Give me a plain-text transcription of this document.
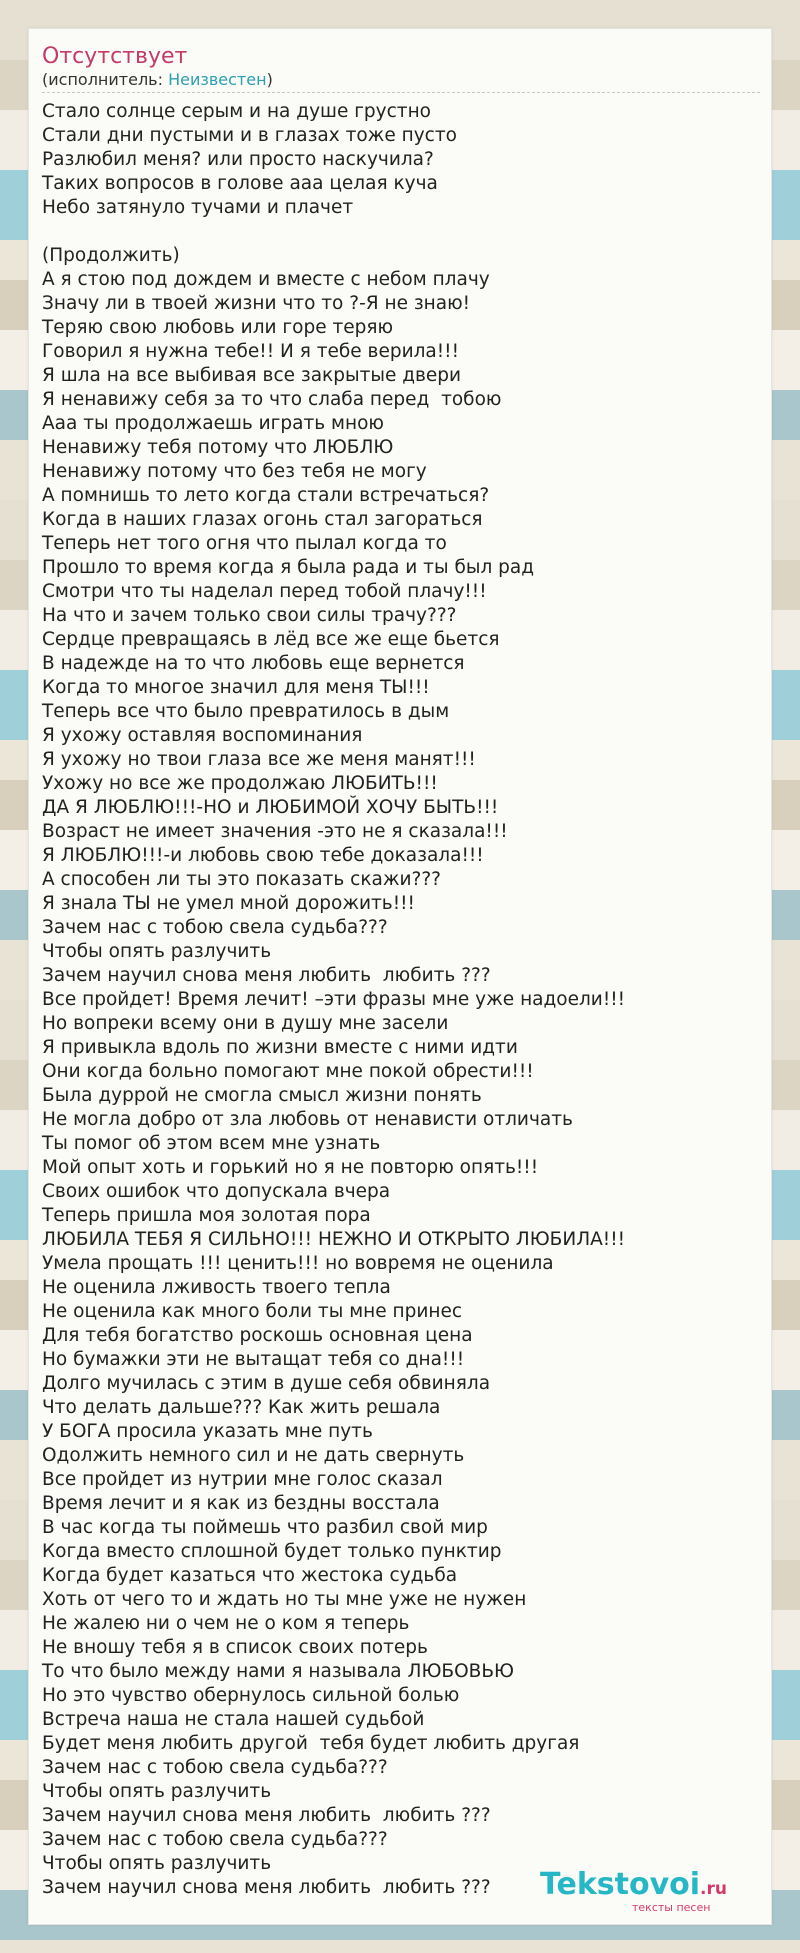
Отсутствует
(исполнитель: Неизвестен)
Стало солнце серым и на душе грустно
Стали дни пустыми и в глазах тоже пусто
Разлюбил меня? или просто наскучила?
Таких вопросов в голове ааа целая куча
Небо затянуло тучами и плачет
(Продолжить)
А я стою под дождем и вместе с небом плачу
Значу ли в твоей жизни что то ?-Я не знаю!
Теряю свою любовь или горе теряю
Говорил я нужна тебе!! И я тебе верила!!!
Я шла на все выбивая все закрытые двери
Я ненавижу себя за то что слаба перед  тобою
Ааа ты продолжаешь играть мною
Ненавижу тебя потому что ЛЮБЛЮ
Ненавижу потому что без тебя не могу
А помнишь то лето когда стали встречаться?
Когда в наших глазах огонь стал загораться
Теперь нет того огня что пылал когда то
Прошло то время когда я была рада и ты был рад
Смотри что ты наделал перед тобой плачу!!!
На что и зачем только свои силы трачу???
Сердце превращаясь в лёд все же еще бьется
В надежде на то что любовь еще вернется
Когда то многое значил для меня ТЫ!!!
Теперь все что было превратилось в дым
Я ухожу оставляя воспоминания
Я ухожу но твои глаза все же меня манят!!!
Ухожу но все же продолжаю ЛЮБИТЬ!!!
ДА Я ЛЮБЛЮ!!!-НО и ЛЮБИМОЙ ХОЧУ БЫТЬ!!!
Возраст не имеет значения -это не я сказала!!!
Я ЛЮБЛЮ!!!-и любовь свою тебе доказала!!!
А способен ли ты это показать скажи???
Я знала ТЫ не умел мной дорожить!!!
Зачем нас с тобою свела судьба???
Чтобы опять разлучить
Зачем научил снова меня любить  любить ???
Все пройдет! Время лечит! –эти фразы мне уже надоели!!!
Но вопреки всему они в душу мне засели
Я привыкла вдоль по жизни вместе с ними идти
Они когда больно помогают мне покой обрести!!!
Была дуррой не смогла смысл жизни понять
Не могла добро от зла любовь от ненависти отличать
Ты помог об этом всем мне узнать
Мой опыт хоть и горький но я не повторю опять!!!
Своих ошибок что допускала вчера
Теперь пришла моя золотая пора
ЛЮБИЛА ТЕБЯ Я СИЛЬНО!!! НЕЖНО И ОТКРЫТО ЛЮБИЛА!!!
Умела прощать !!! ценить!!! но вовремя не оценила
Не оценила лживость твоего тепла
Не оценила как много боли ты мне принес
Для тебя богатство роскошь основная цена
Но бумажки эти не вытащат тебя со дна!!!
Долго мучилась с этим в душе себя обвиняла
Что делать дальше??? Как жить решала
У БОГА просила указать мне путь
Одолжить немного сил и не дать свернуть
Все пройдет из нутрии мне голос сказал
Время лечит и я как из бездны восстала
В час когда ты поймешь что разбил свой мир
Когда вместо сплошной будет только пунктир
Когда будет казаться что жестока судьба
Хоть от чего то и ждать но ты мне уже не нужен
Не жалею ни о чем не о ком я теперь
Не вношу тебя я в список своих потерь
То что было между нами я называла ЛЮБОВЬЮ
Но это чувство обернулось сильной болью
Встреча наша не стала нашей судьбой
Будет меня любить другой  тебя будет любить другая
Зачем нас с тобою свела судьба???
Чтобы опять разлучить
Зачем научил снова меня любить  любить ???
Зачем нас с тобою свела судьба???
Чтобы опять разлучить
Зачем научил снова меня любить  любить ???	Tekstovoi.ru
тексты песен
